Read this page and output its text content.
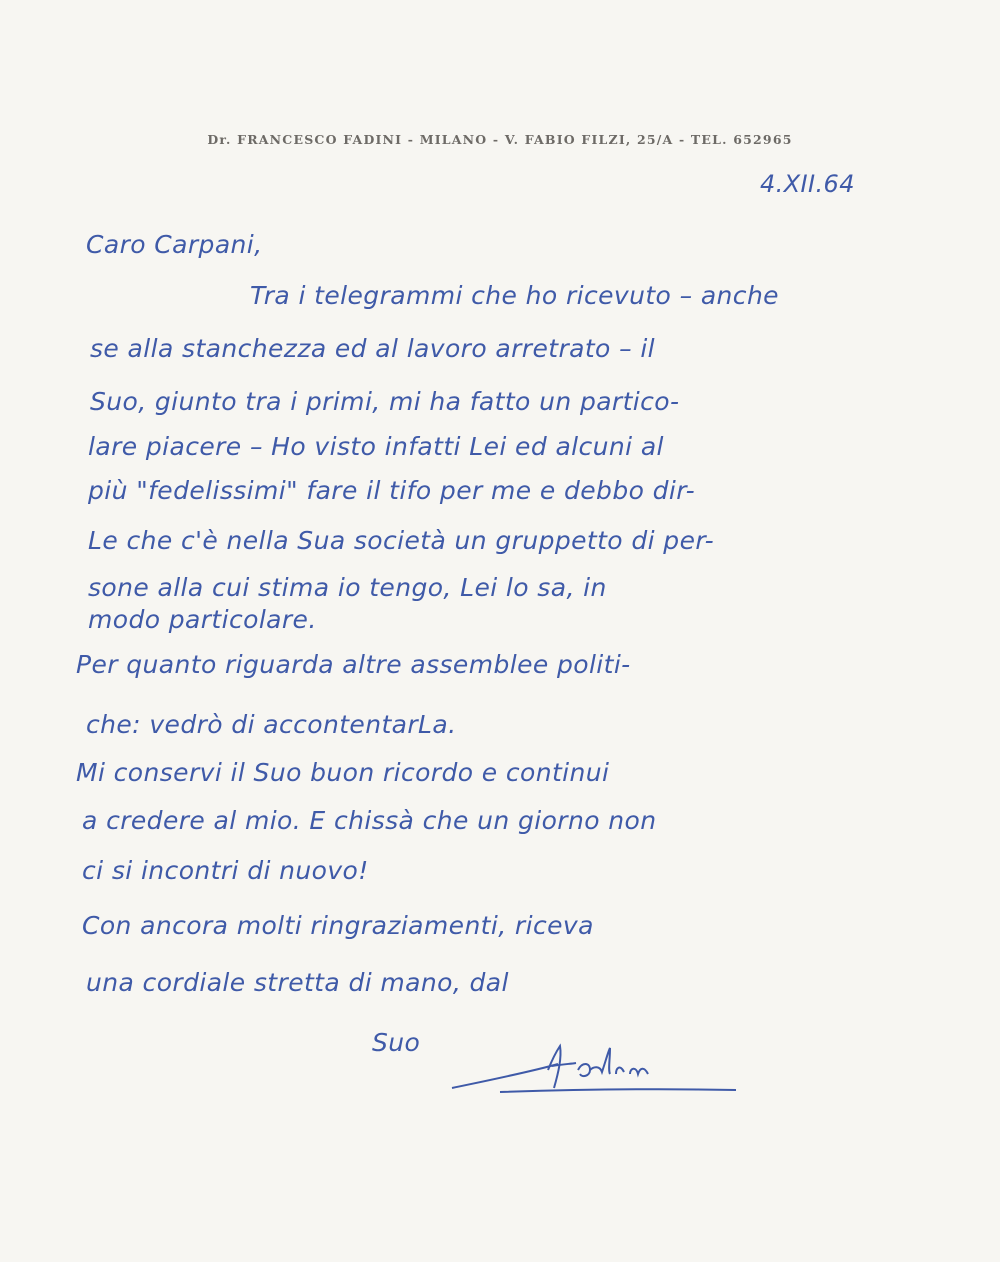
Dr. FRANCESCO FADINI - MILANO - V. FABIO FILZI, 25/A - TEL. 652965
4.XII.64
Caro Carpani,
Tra i telegrammi che ho ricevuto – anche
se alla stanchezza ed al lavoro arretrato – il
Suo, giunto tra i primi, mi ha fatto un partico-
lare piacere – Ho visto infatti Lei ed alcuni al
più "fedelissimi" fare il tifo per me e debbo dir-
Le che c'è nella Sua società un gruppetto di per-
sone alla cui stima io tengo, Lei lo sa, in
modo particolare.
Per quanto riguarda altre assemblee politi-
che: vedrò di accontentarLa.
Mi conservi il Suo buon ricordo e continui
a credere al mio. E chissà che un giorno non
ci si incontri di nuovo!
Con ancora molti ringraziamenti, riceva
una cordiale stretta di mano, dal
Suo
